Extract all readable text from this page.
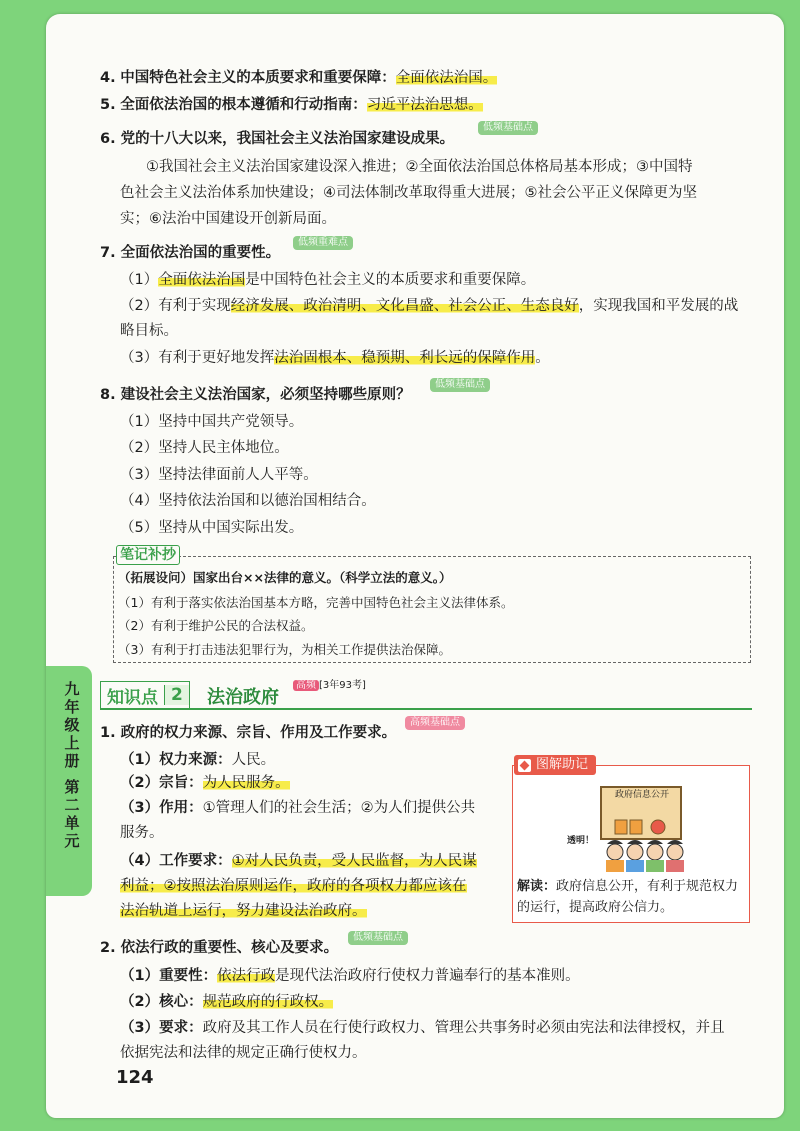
4. 中国特色社会主义的本质要求和重要保障：全面依法治国。
5. 全面依法治国的根本遵循和行动指南：习近平法治思想。
6. 党的十八大以来，我国社会主义法治国家建设成果。
低频基础点
①我国社会主义法治国家建设深入推进；②全面依法治国总体格局基本形成；③中国特
色社会主义法治体系加快建设；④司法体制改革取得重大进展；⑤社会公平正义保障更为坚
实；⑥法治中国建设开创新局面。
7. 全面依法治国的重要性。
低频重难点
（1）全面依法治国是中国特色社会主义的本质要求和重要保障。
（2）有利于实现经济发展、政治清明、文化昌盛、社会公正、生态良好，实现我国和平发展的战
略目标。
（3）有利于更好地发挥法治固根本、稳预期、利长远的保障作用。
8. 建设社会主义法治国家，必须坚持哪些原则？
低频基础点
（1）坚持中国共产党领导。
（2）坚持人民主体地位。
（3）坚持法律面前人人平等。
（4）坚持依法治国和以德治国相结合。
（5）坚持从中国实际出发。
笔记补抄
（拓展设问）国家出台××法律的意义。（科学立法的意义。）
（1）有利于落实依法治国基本方略，完善中国特色社会主义法律体系。
（2）有利于维护公民的合法权益。
（3）有利于打击违法犯罪行为，为相关工作提供法治保障。
九年级上册
第二单元
知识点 2	法治政府
高频 [3年93考]
1. 政府的权力来源、宗旨、作用及工作要求。
高频基础点
（1）权力来源：人民。
（2）宗旨：为人民服务。
（3）作用：①管理人们的社会生活；②为人们提供公共
服务。
（4）工作要求：①对人民负责，受人民监督，为人民谋
利益；②按照法治原则运作，政府的各项权力都应该在
法治轨道上运行，努力建设法治政府。
图解助记
政府信息公开
透明！
解读：政府信息公开，有利于规范权力
的运行，提高政府公信力。
2. 依法行政的重要性、核心及要求。
低频基础点
（1）重要性：依法行政是现代法治政府行使权力普遍奉行的基本准则。
（2）核心：规范政府的行政权。
（3）要求：政府及其工作人员在行使行政权力、管理公共事务时必须由宪法和法律授权，并且
依据宪法和法律的规定正确行使权力。
124
